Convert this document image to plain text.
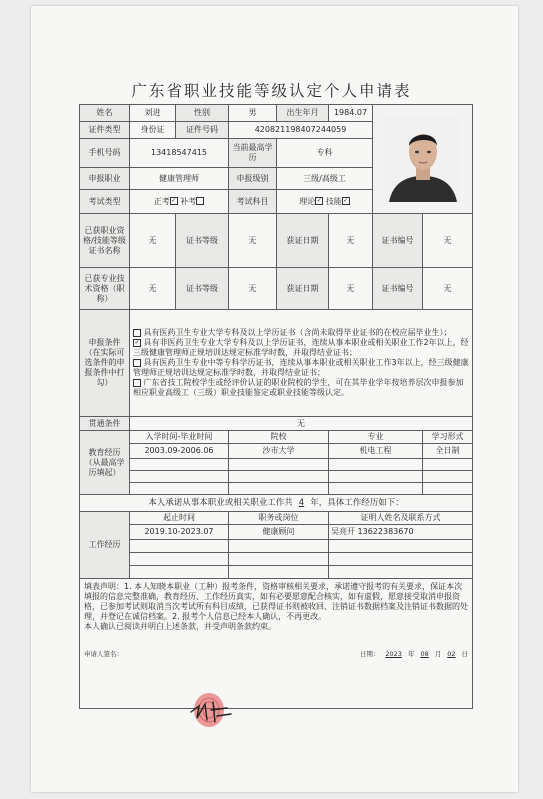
广东省职业技能等级认定个人申请表
姓名	刘进	性别	男	出生年月	1984.07	

证件类型	身份证	证件号码	420821198407244059				
手机号码	13418547415		当前最高学历	专科			
申报职业	健康管理师		申报级别	三级/高级工			
考试类型	正考✓ 补考		考试科目	理论✓ 技能✓			
已获职业资格/技能等级证书名称	无	证书等级	无	获证日期	无	证书编号	无
已获专业技术资格（职称）	无	证书等级	无	获证日期	无	证书编号	无
申报条件（在实际可选条件的申报条件中打勾）	具有医药卫生专业大学专科及以上学历证书（含尚未取得毕业证书的在校应届毕业生）；

✓ 具有非医药卫生专业大学专科及以上学历证书，连续从事本职业或相关职业工作2年以上，经三级健康管理师正规培训达规定标准学时数，并取得结业证书；

具有医药卫生专业中等专科学历证书，连续从事本职业或相关职业工作3年以上，经三级健康管理师正规培训达规定标准学时数，并取得结业证书；

广东省技工院校学生或经评价认证的职业院校的学生，可在其毕业学年按培养层次申报参加相应职业高级工（三级）职业技能鉴定或职业技能等级认定。						

贯通条件	无						
教育经历（从最高学历填起）	入学时间-毕业时间		院校		专业		学习形式
	2003.09-2006.06		沙市大学		机电工程		全日制

本人承诺从事本职业或相关职业工作共 4 年，具体工作经历如下：							
工作经历	起止时间		职务或岗位		证明人姓名及联系方式		
	2019.10-2023.07		健康顾问		吴亮开 13622383670		

填表声明：1. 本人知晓本职业（工种）报考条件，资格审核相关要求，承诺遵守报考的有关要求，保证本次填报的信息完整准确，教育经历、工作经历真实，如有必要愿意配合核实，如有虚假，愿意接受取消申报资格，已参加考试则取消当次考试所有科目成绩，已获得证书则被收回、注销证书数据档案及注销证书数据的处理，并登记在诚信档案。2. 报考个人信息已经本人确认，不再更改。

本人确认已阅读并明白上述条款，并受声明条款约束。

申请人签名： 日期： 2023 年 08 月 02 日							
